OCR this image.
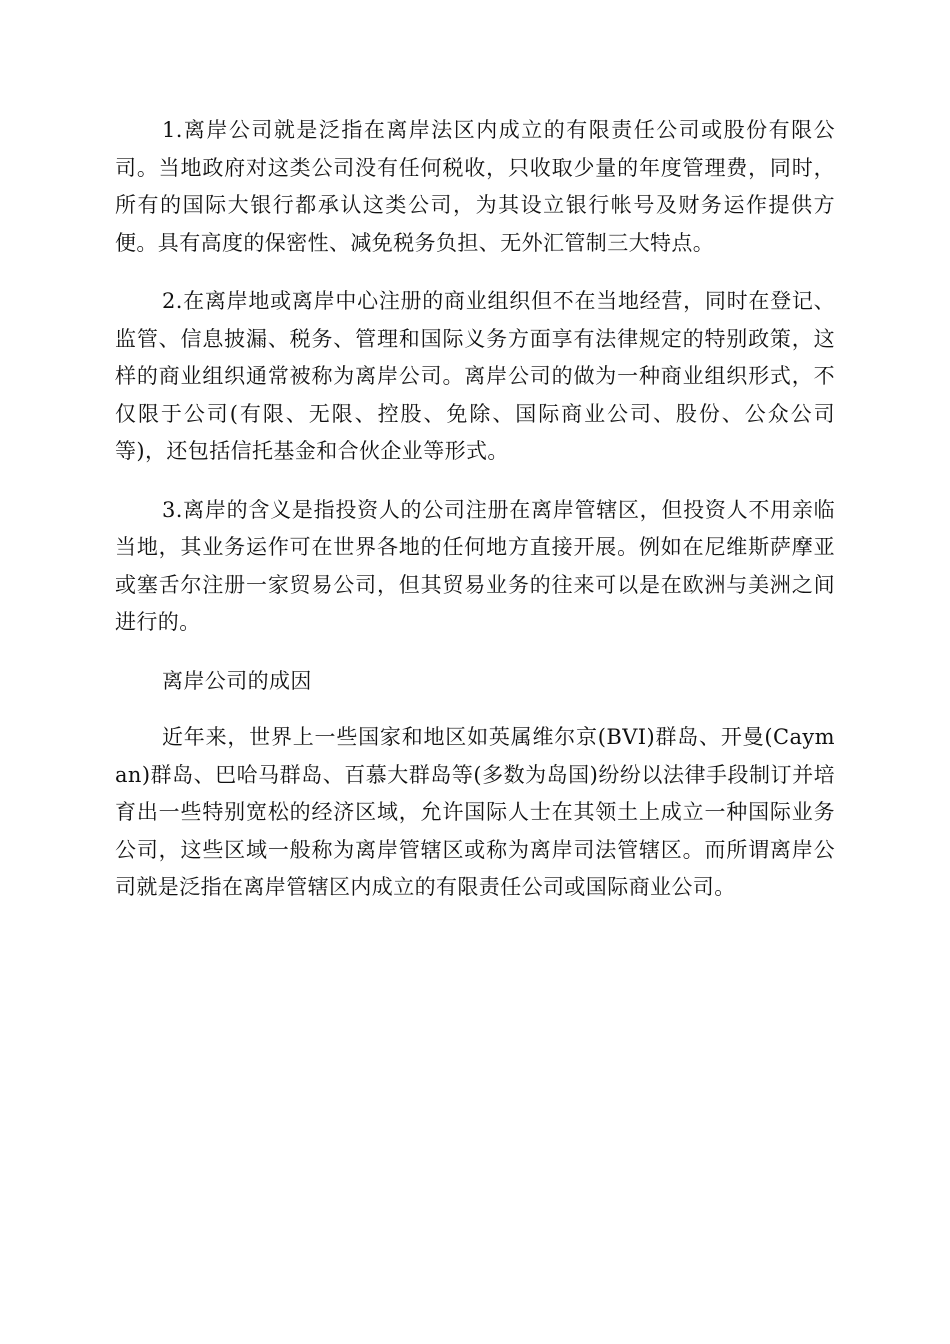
1.离岸公司就是泛指在离岸法区内成立的有限责任公司或股份有限公司。当地政府对这类公司没有任何税收，只收取少量的年度管理费，同时，所有的国际大银行都承认这类公司，为其设立银行帐号及财务运作提供方便。具有高度的保密性、减免税务负担、无外汇管制三大特点。

2.在离岸地或离岸中心注册的商业组织但不在当地经营，同时在登记、监管、信息披漏、税务、管理和国际义务方面享有法律规定的特别政策，这样的商业组织通常被称为离岸公司。离岸公司的做为一种商业组织形式，不仅限于公司(有限、无限、控股、免除、国际商业公司、股份、公众公司等)，还包括信托基金和合伙企业等形式。

3.离岸的含义是指投资人的公司注册在离岸管辖区，但投资人不用亲临当地，其业务运作可在世界各地的任何地方直接开展。例如在尼维斯萨摩亚或塞舌尔注册一家贸易公司，但其贸易业务的往来可以是在欧洲与美洲之间进行的。

离岸公司的成因

近年来，世界上一些国家和地区如英属维尔京(BVI)群岛、开曼(Cayman)群岛、巴哈马群岛、百慕大群岛等(多数为岛国)纷纷以法律手段制订并培育出一些特别宽松的经济区域，允许国际人士在其领土上成立一种国际业务公司，这些区域一般称为离岸管辖区或称为离岸司法管辖区。而所谓离岸公司就是泛指在离岸管辖区内成立的有限责任公司或国际商业公司。
